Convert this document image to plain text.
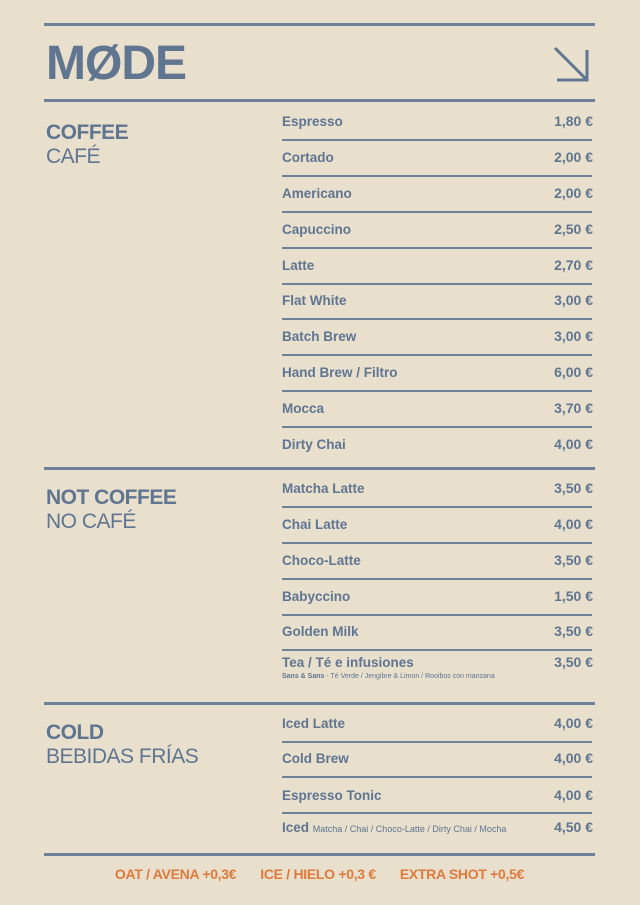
MØDE
COFFEE
CAFÉ
Espresso	1,80 €
Cortado	2,00 €
Americano	2,00 €
Capuccino	2,50 €
Latte	2,70 €
Flat White	3,00 €
Batch Brew	3,00 €
Hand Brew / Filtro	6,00 €
Mocca	3,70 €
Dirty Chai	4,00 €
NOT COFFEE
NO CAFÉ
Matcha Latte	3,50 €
Chai Latte	4,00 €
Choco-Latte	3,50 €
Babyccino	1,50 €
Golden Milk	3,50 €
Tea / Té e infusiones	3,50 €
Sans & Sans - Té Verde / Jengibre & Limon / Rooibos con manzana
COLD
BEBIDAS FRÍAS
Iced Latte	4,00 €
Cold Brew	4,00 €
Espresso Tonic	4,00 €
Iced Matcha / Chai / Choco-Latte / Dirty Chai / Mocha	4,50 €
OAT / AVENA +0,3€ ICE / HIELO +0,3 € EXTRA SHOT +0,5€
